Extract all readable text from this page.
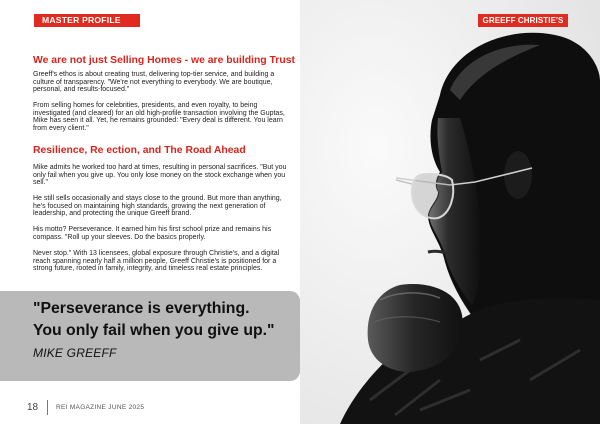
MASTER PROFILE
We are not just Selling Homes - we are building Trust

Greeff's ethos is about creating trust, delivering top-tier service, and building a culture of transparency. "We're not everything to everybody. We are boutique, personal, and results-focused."

From selling homes for celebrities, presidents, and even royalty, to being investigated (and cleared) for an old high-profile transaction involving the Guptas, Mike has seen it all. Yet, he remains grounded: "Every deal is different. You learn from every client."

Resilience, Re ection, and The Road Ahead

Mike admits he worked too hard at times, resulting in personal sacrifices. "But you only fail when you give up. You only lose money on the stock exchange when you sell."

He still sells occasionally and stays close to the ground. But more than anything, he's focused on maintaining high standards, growing the next generation of leadership, and protecting the unique Greeff brand.

His motto? Perseverance. It earned him his first school prize and remains his compass. "Roll up your sleeves. Do the basics properly.

Never stop." With 13 licensees, global exposure through Christie's, and a digital reach spanning nearly half a million people, Greeff Christie's is positioned for a strong future, rooted in family, integrity, and timeless real estate principles.

"Perseverance is everything.

You only fail when you give up."

MIKE GREEFF

18	REI MAGAZINE JUNE 2025
GREEFF CHRISTIE'S
